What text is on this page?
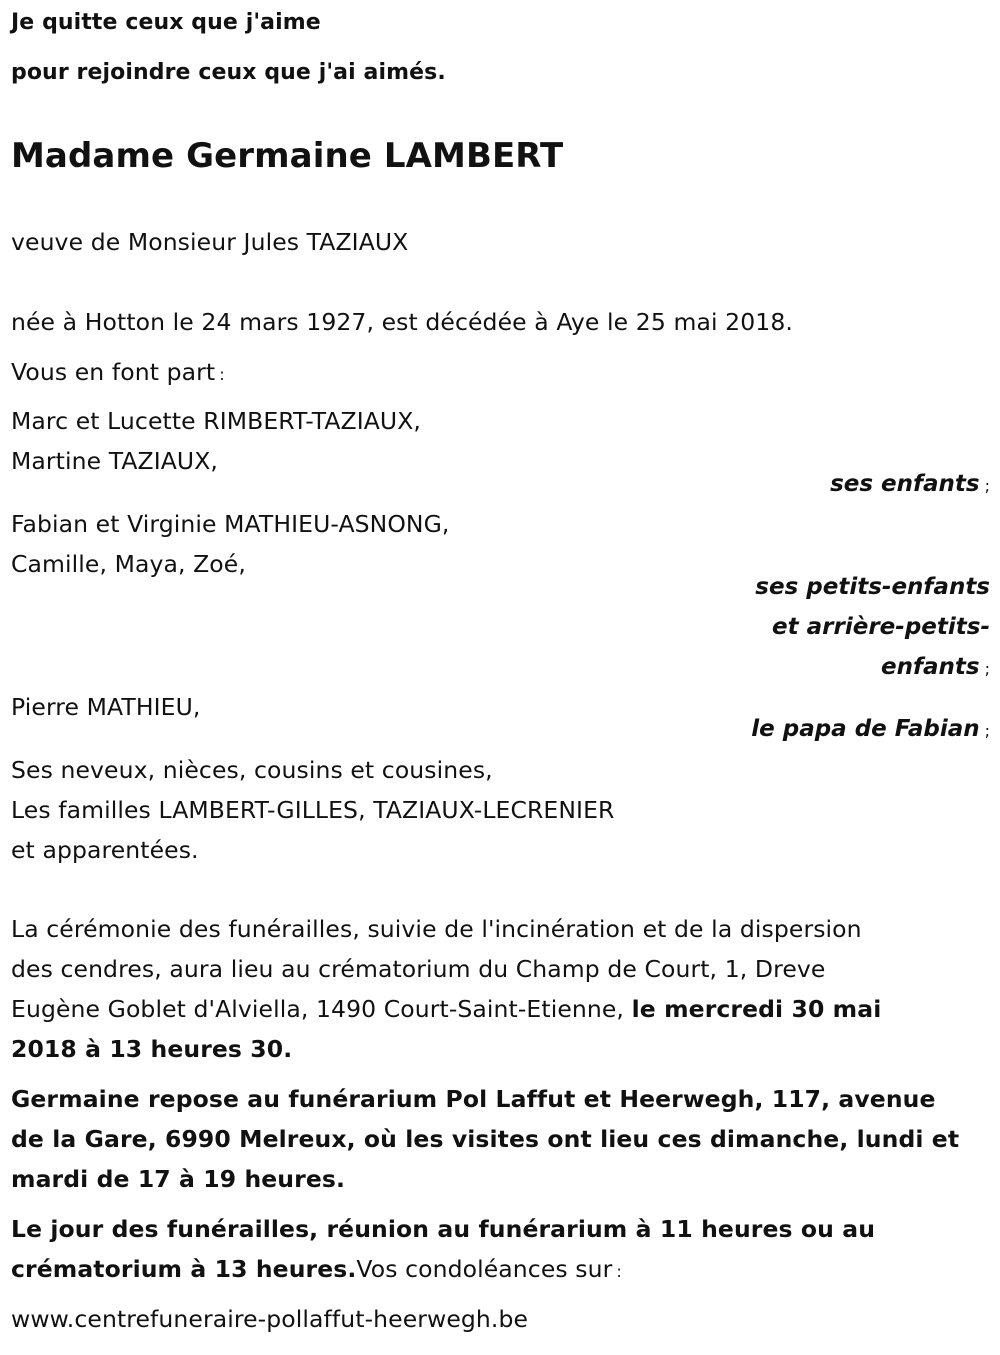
Je quitte ceux que j'aime

pour rejoindre ceux que j'ai aimés.

Madame Germaine LAMBERT

veuve de Monsieur Jules TAZIAUX

née à Hotton le 24 mars 1927, est décédée à Aye le 25 mai 2018.

Vous en font part :

Marc et Lucette RIMBERT-TAZIAUX,

Martine TAZIAUX,

ses enfants ;

Fabian et Virginie MATHIEU-ASNONG,

Camille, Maya, Zoé,

ses petits-enfants

et arrière-petits-

enfants ;

Pierre MATHIEU,

le papa de Fabian ;

Ses neveux, nièces, cousins et cousines,

Les familles LAMBERT-GILLES, TAZIAUX-LECRENIER

et apparentées.

La cérémonie des funérailles, suivie de l'incinération et de la dispersion

des cendres, aura lieu au crématorium du Champ de Court, 1, Dreve

Eugène Goblet d'Alviella, 1490 Court-Saint-Etienne, le mercredi 30 mai

2018 à 13 heures 30.

Germaine repose au funérarium Pol Laffut et Heerwegh, 117, avenue

de la Gare, 6990 Melreux, où les visites ont lieu ces dimanche, lundi et

mardi de 17 à 19 heures.

Le jour des funérailles, réunion au funérarium à 11 heures ou au

crématorium à 13 heures.Vos condoléances sur :

www.centrefuneraire-pollaffut-heerwegh.be
